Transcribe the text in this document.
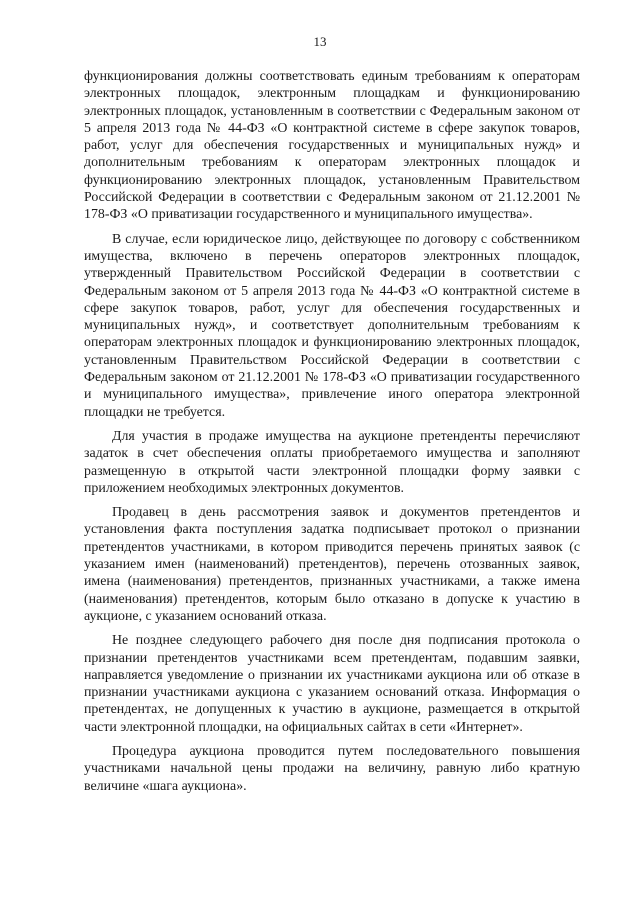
13

функционирования должны соответствовать единым требованиям к операторам электронных площадок, электронным площадкам и функционированию электронных площадок, установленным в соответствии с Федеральным законом от 5 апреля 2013 года № 44-ФЗ «О контрактной системе в сфере закупок товаров, работ, услуг для обеспечения государственных и муниципальных нужд» и дополнительным требованиям к операторам электронных площадок и функционированию электронных площадок, установленным Правительством Российской Федерации в соответствии с Федеральным законом от 21.12.2001 № 178-ФЗ «О приватизации государственного и муниципального имущества».

В случае, если юридическое лицо, действующее по договору с собственником имущества, включено в перечень операторов электронных площадок, утвержденный Правительством Российской Федерации в соответствии с Федеральным законом от 5 апреля 2013 года № 44-ФЗ «О контрактной системе в сфере закупок товаров, работ, услуг для обеспечения государственных и муниципальных нужд», и соответствует дополнительным требованиям к операторам электронных площадок и функционированию электронных площадок, установленным Правительством Российской Федерации в соответствии с Федеральным законом от 21.12.2001 № 178-ФЗ «О приватизации государственного и муниципального имущества», привлечение иного оператора электронной площадки не требуется.

Для участия в продаже имущества на аукционе претенденты перечисляют задаток в счет обеспечения оплаты приобретаемого имущества и заполняют размещенную в открытой части электронной площадки форму заявки с приложением необходимых электронных документов.

Продавец в день рассмотрения заявок и документов претендентов и установления факта поступления задатка подписывает протокол о признании претендентов участниками, в котором приводится перечень принятых заявок (с указанием имен (наименований) претендентов), перечень отозванных заявок, имена (наименования) претендентов, признанных участниками, а также имена (наименования) претендентов, которым было отказано в допуске к участию в аукционе, с указанием оснований отказа.

Не позднее следующего рабочего дня после дня подписания протокола о признании претендентов участниками всем претендентам, подавшим заявки, направляется уведомление о признании их участниками аукциона или об отказе в признании участниками аукциона с указанием оснований отказа. Информация о претендентах, не допущенных к участию в аукционе, размещается в открытой части электронной площадки, на официальных сайтах в сети «Интернет».

Процедура аукциона проводится путем последовательного повышения участниками начальной цены продажи на величину, равную либо кратную величине «шага аукциона».
